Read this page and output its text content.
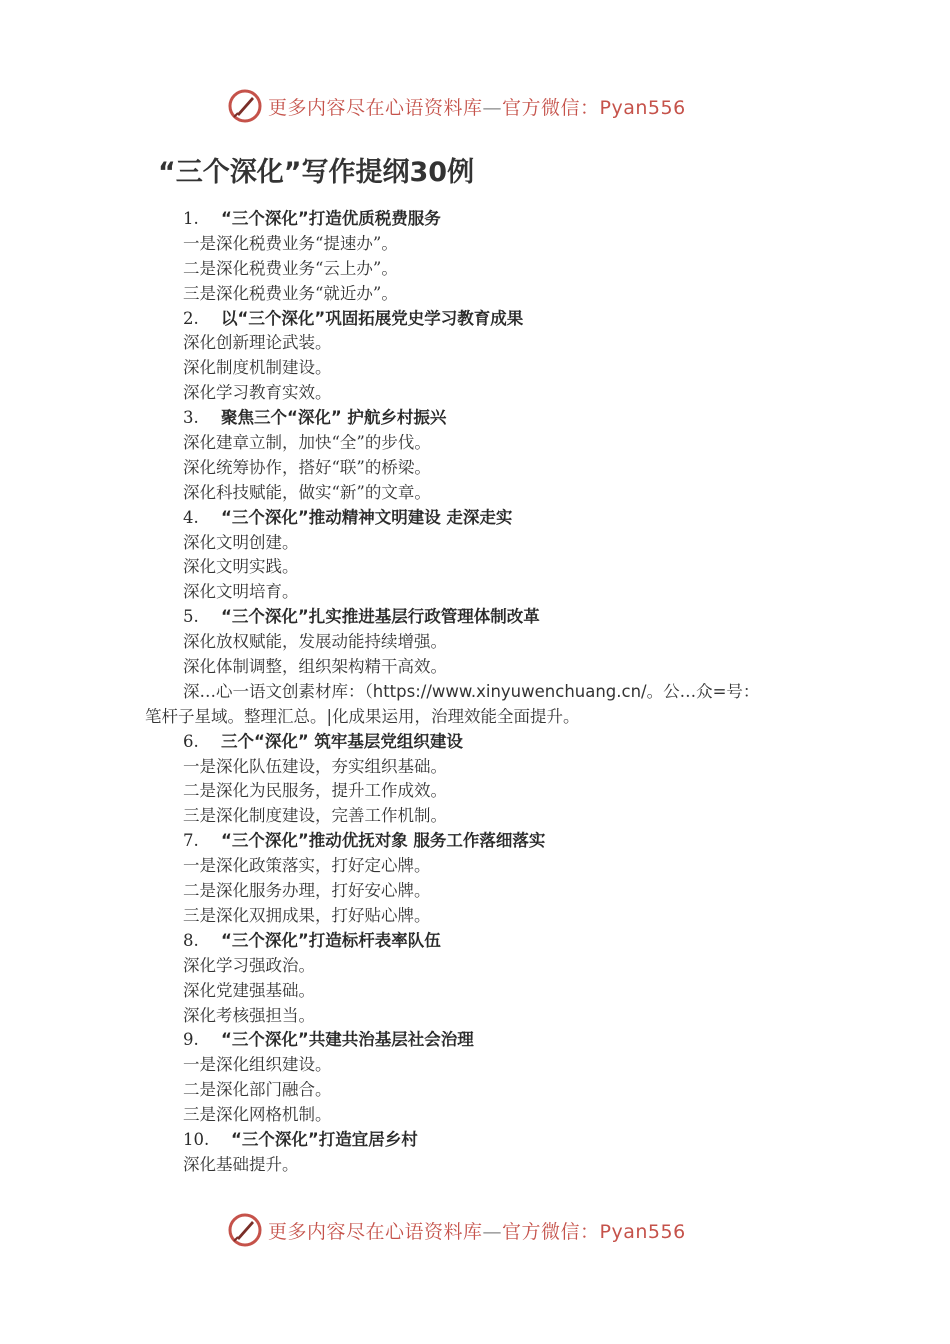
更多内容尽在心语资料库—官方微信：Pyan556
“三个深化”写作提纲30例
1. “三个深化”打造优质税费服务
一是深化税费业务“提速办”。
二是深化税费业务“云上办”。
三是深化税费业务“就近办”。
2. 以“三个深化”巩固拓展党史学习教育成果
深化创新理论武装。
深化制度机制建设。
深化学习教育实效。
3. 聚焦三个“深化” 护航乡村振兴
深化建章立制，加快“全”的步伐。
深化统筹协作，搭好“联”的桥梁。
深化科技赋能，做实“新”的文章。
4. “三个深化”推动精神文明建设 走深走实
深化文明创建。
深化文明实践。
深化文明培育。
5. “三个深化”扎实推进基层行政管理体制改革
深化放权赋能，发展动能持续增强。
深化体制调整，组织架构精干高效。
深…心一语文创素材库：（https://www.xinyuwenchuang.cn/。公…众=号：
笔杆子星域。整理汇总。|化成果运用，治理效能全面提升。
6. 三个“深化” 筑牢基层党组织建设
一是深化队伍建设，夯实组织基础。
二是深化为民服务，提升工作成效。
三是深化制度建设，完善工作机制。
7. “三个深化”推动优抚对象 服务工作落细落实
一是深化政策落实，打好定心牌。
二是深化服务办理，打好安心牌。
三是深化双拥成果，打好贴心牌。
8. “三个深化”打造标杆表率队伍
深化学习强政治。
深化党建强基础。
深化考核强担当。
9. “三个深化”共建共治基层社会治理
一是深化组织建设。
二是深化部门融合。
三是深化网格机制。
10. “三个深化”打造宜居乡村
深化基础提升。
更多内容尽在心语资料库—官方微信：Pyan556
